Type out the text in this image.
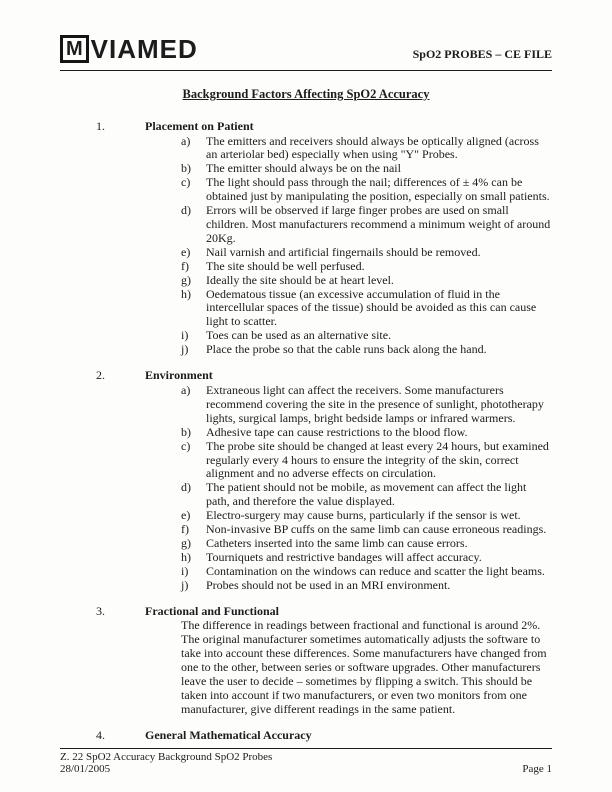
M VIAMED	SpO2 PROBES – CE FILE
Background Factors Affecting SpO2 Accuracy
1.	Placement on Patient
a)	The emitters and receivers should always be optically aligned (across an arteriolar bed) especially when using "Y" Probes.
b)	The emitter should always be on the nail
c)	The light should pass through the nail; differences of ± 4% can be obtained just by manipulating the position, especially on small patients.
d)	Errors will be observed if large finger probes are used on small children. Most manufacturers recommend a minimum weight of around 20Kg.
e)	Nail varnish and artificial fingernails should be removed.
f)	The site should be well perfused.
g)	Ideally the site should be at heart level.
h)	Oedematous tissue (an excessive accumulation of fluid in the intercellular spaces of the tissue) should be avoided as this can cause light to scatter.
i)	Toes can be used as an alternative site.
j)	Place the probe so that the cable runs back along the hand.
2.	Environment
a)	Extraneous light can affect the receivers. Some manufacturers recommend covering the site in the presence of sunlight, phototherapy lights, surgical lamps, bright bedside lamps or infrared warmers.
b)	Adhesive tape can cause restrictions to the blood flow.
c)	The probe site should be changed at least every 24 hours, but examined regularly every 4 hours to ensure the integrity of the skin, correct alignment and no adverse effects on circulation.
d)	The patient should not be mobile, as movement can affect the light path, and therefore the value displayed.
e)	Electro-surgery may cause burns, particularly if the sensor is wet.
f)	Non-invasive BP cuffs on the same limb can cause erroneous readings.
g)	Catheters inserted into the same limb can cause errors.
h)	Tourniquets and restrictive bandages will affect accuracy.
i)	Contamination on the windows can reduce and scatter the light beams.
j)	Probes should not be used in an MRI environment.
3.	Fractional and Functional
The difference in readings between fractional and functional is around 2%. The original manufacturer sometimes automatically adjusts the software to take into account these differences. Some manufacturers have changed from one to the other, between series or software upgrades. Other manufacturers leave the user to decide – sometimes by flipping a switch. This should be taken into account if two manufacturers, or even two monitors from one manufacturer, give different readings in the same patient.
4.	General Mathematical Accuracy
Z. 22 SpO2 Accuracy Background SpO2 Probes
28/01/2005	Page 1
